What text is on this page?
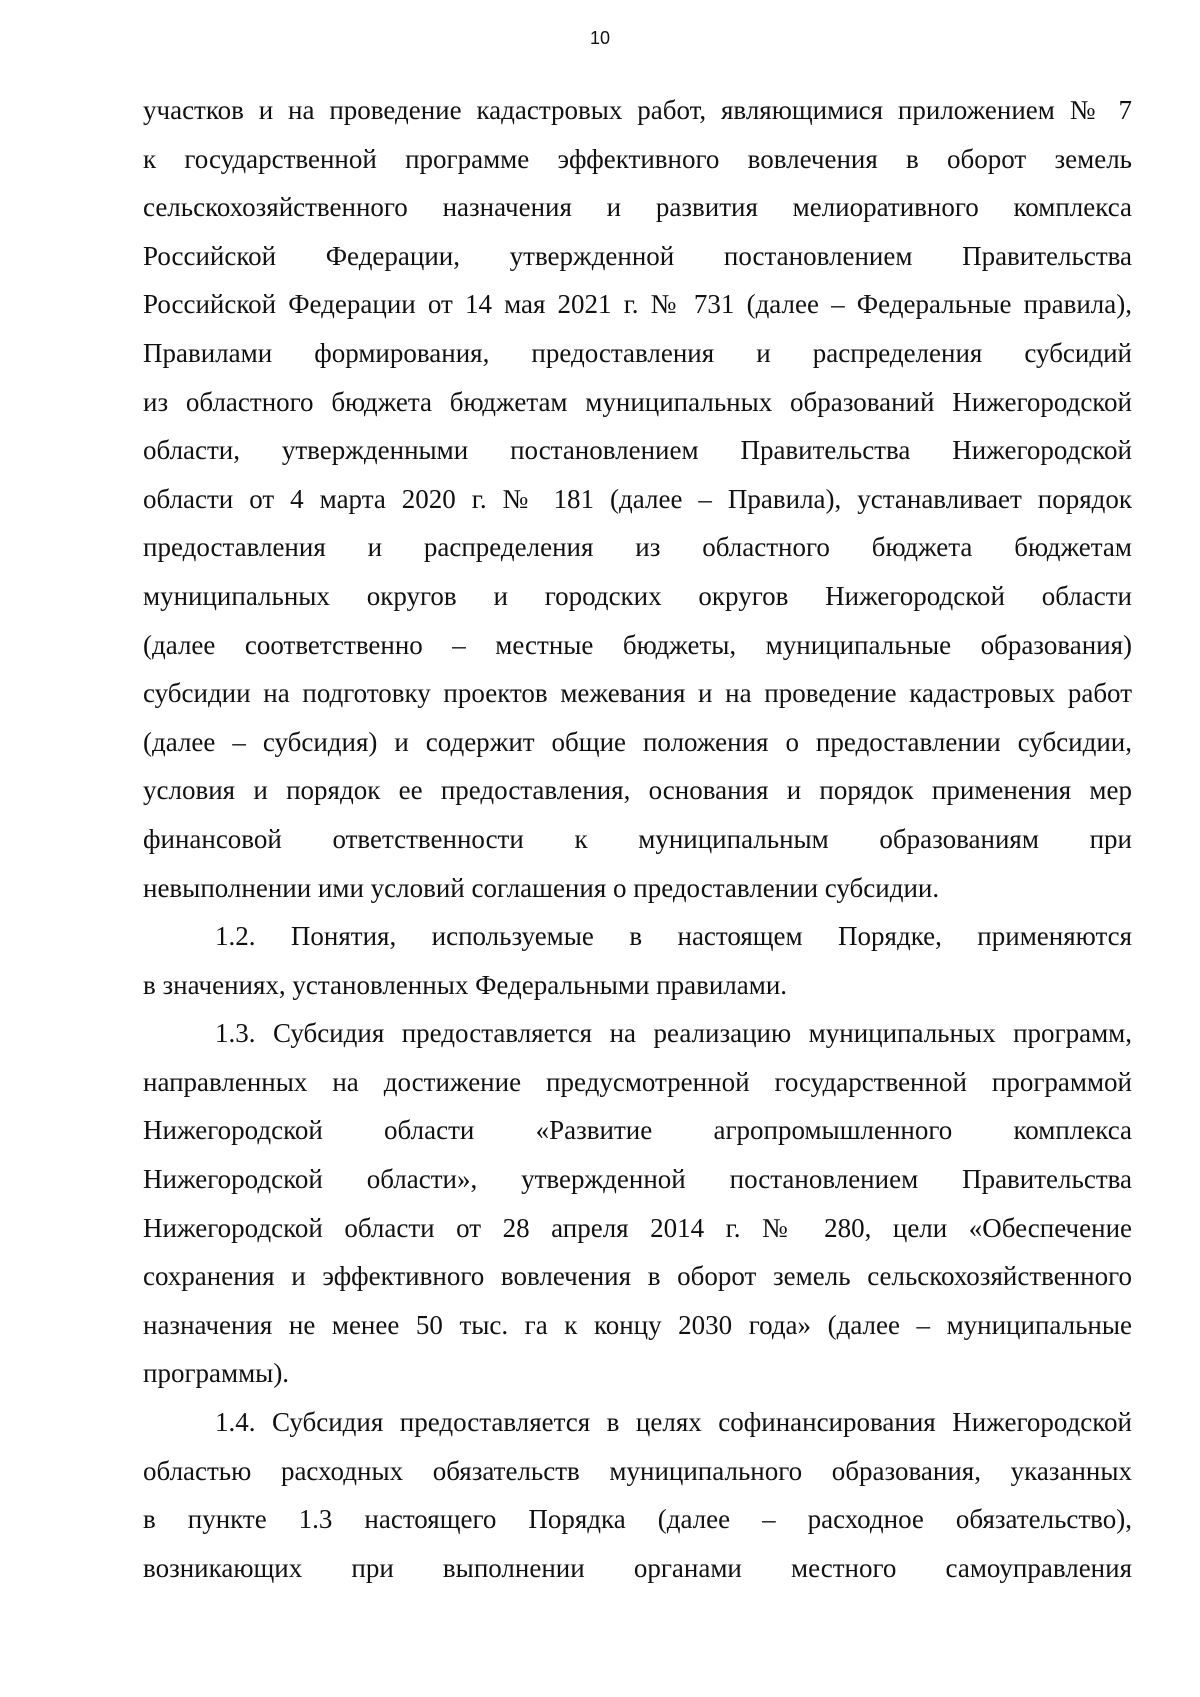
10
участков и на проведение кадастровых работ, являющимися приложением № 7
к государственной программе эффективного вовлечения в оборот земель
сельскохозяйственного назначения и развития мелиоративного комплекса
Российской Федерации, утвержденной постановлением Правительства
Российской Федерации от 14 мая 2021 г. № 731 (далее – Федеральные правила),
Правилами формирования, предоставления и распределения субсидий
из областного бюджета бюджетам муниципальных образований Нижегородской
области, утвержденными постановлением Правительства Нижегородской
области от 4 марта 2020 г. № 181 (далее – Правила), устанавливает порядок
предоставления и распределения из областного бюджета бюджетам
муниципальных округов и городских округов Нижегородской области
(далее соответственно – местные бюджеты, муниципальные образования)
субсидии на подготовку проектов межевания и на проведение кадастровых работ
(далее – субсидия) и содержит общие положения о предоставлении субсидии,
условия и порядок ее предоставления, основания и порядок применения мер
финансовой ответственности к муниципальным образованиям при
невыполнении ими условий соглашения о предоставлении субсидии.
1.2. Понятия, используемые в настоящем Порядке, применяются
в значениях, установленных Федеральными правилами.
1.3. Субсидия предоставляется на реализацию муниципальных программ,
направленных на достижение предусмотренной государственной программой
Нижегородской области «Развитие агропромышленного комплекса
Нижегородской области», утвержденной постановлением Правительства
Нижегородской области от 28 апреля 2014 г. № 280, цели «Обеспечение
сохранения и эффективного вовлечения в оборот земель сельскохозяйственного
назначения не менее 50 тыс. га к концу 2030 года» (далее – муниципальные
программы).
1.4. Субсидия предоставляется в целях софинансирования Нижегородской
областью расходных обязательств муниципального образования, указанных
в пункте 1.3 настоящего Порядка (далее – расходное обязательство),
возникающих при выполнении органами местного самоуправления
